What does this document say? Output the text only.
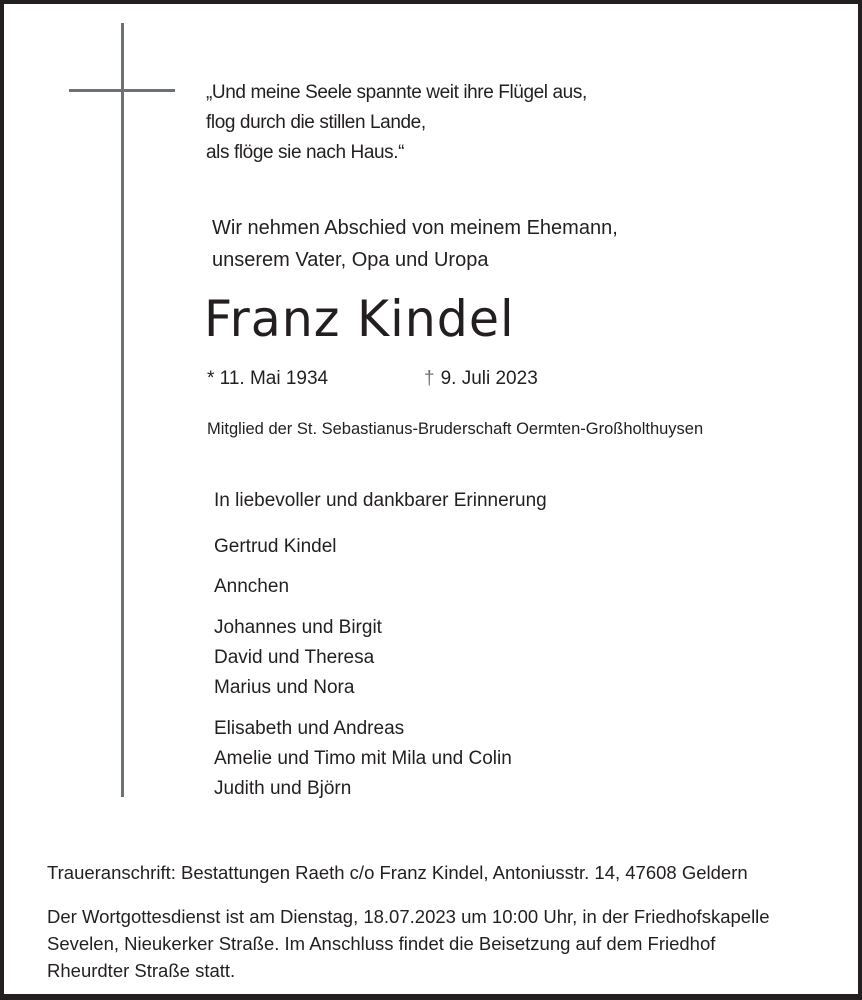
„Und meine Seele spannte weit ihre Flügel aus,
flog durch die stillen Lande,
als flöge sie nach Haus.“
Wir nehmen Abschied von meinem Ehemann,
unserem Vater, Opa und Uropa
Franz Kindel
* 11. Mai 1934	† 9. Juli 2023
Mitglied der St. Sebastianus-Bruderschaft Oermten-Großholthuysen
In liebevoller und dankbarer Erinnerung
Gertrud Kindel
Annchen
Johannes und Birgit
David und Theresa
Marius und Nora
Elisabeth und Andreas
Amelie und Timo mit Mila und Colin
Judith und Björn
Traueranschrift: Bestattungen Raeth c/o Franz Kindel, Antoniusstr. 14, 47608 Geldern
Der Wortgottesdienst ist am Dienstag, 18.07.2023 um 10:00 Uhr, in der Friedhofskapelle
Sevelen, Nieukerker Straße. Im Anschluss findet die Beisetzung auf dem Friedhof
Rheurdter Straße statt.
